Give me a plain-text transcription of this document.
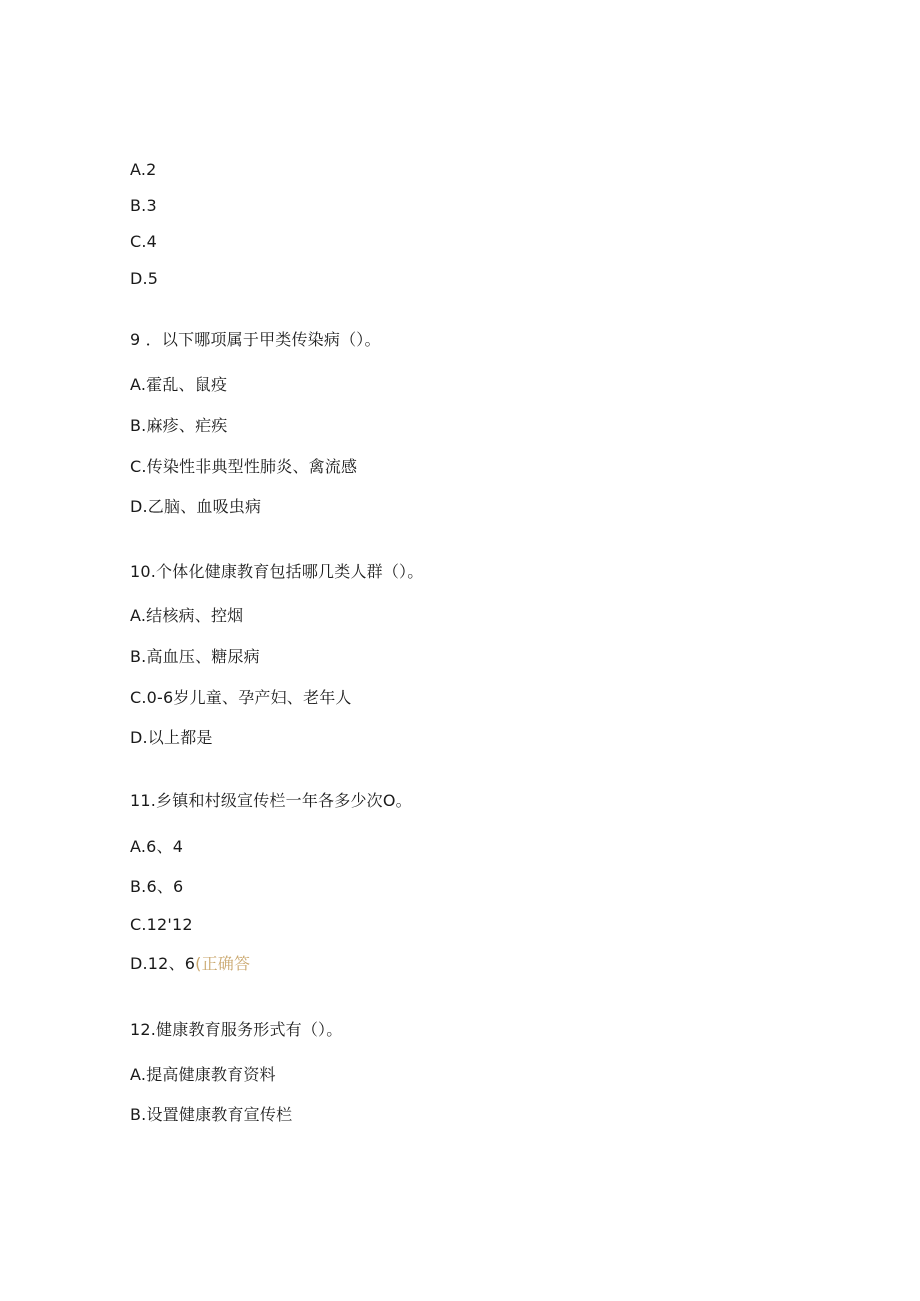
A.2
B.3
C.4
D.5
9 ．以下哪项属于甲类传染病（）。
A.霍乱、鼠疫
B.麻疹、疟疾
C.传染性非典型性肺炎、禽流感
D.乙脑、血吸虫病
10.个体化健康教育包括哪几类人群（）。
A.结核病、控烟
B.高血压、糖尿病
C.0-6岁儿童、孕产妇、老年人
D.以上都是
11.乡镇和村级宣传栏一年各多少次O。
A.6、4
B.6、6
C.12'12
D.12、6(正确答
12.健康教育服务形式有（）。
A.提高健康教育资料
B.设置健康教育宣传栏
